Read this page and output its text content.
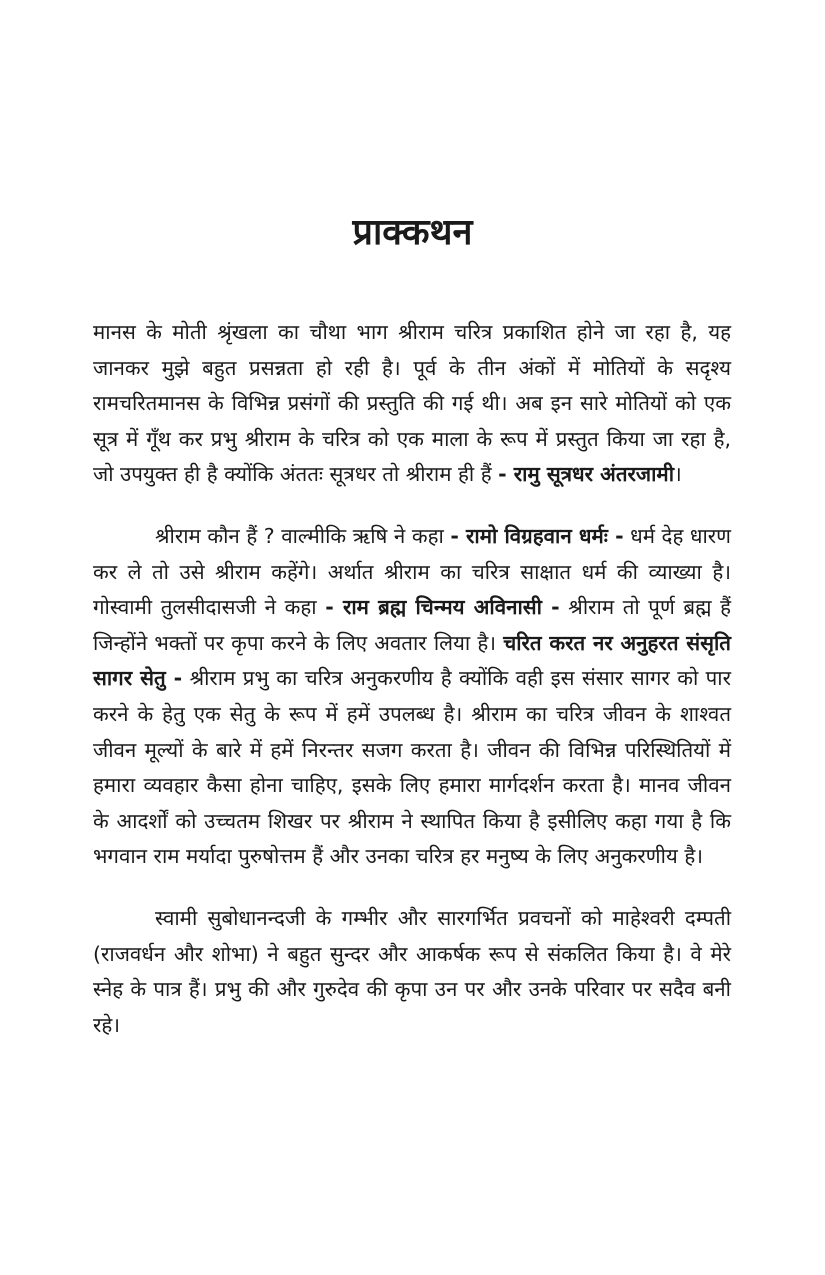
प्राक्कथन

मानस के मोती श्रृंखला का चौथा भाग श्रीराम चरित्र प्रकाशित होने जा रहा है, यह जानकर मुझे बहुत प्रसन्नता हो रही है। पूर्व के तीन अंकों में मोतियों के सदृश्य रामचरितमानस के विभिन्न प्रसंगों की प्रस्तुति की गई थी। अब इन सारे मोतियों को एक सूत्र में गूँथ कर प्रभु श्रीराम के चरित्र को एक माला के रूप में प्रस्तुत किया जा रहा है, जो उपयुक्त ही है क्योंकि अंततः सूत्रधर तो श्रीराम ही हैं - रामु सूत्रधर अंतरजामी।

श्रीराम कौन हैं ? वाल्मीकि ऋषि ने कहा - रामो विग्रहवान धर्मः - धर्म देह धारण कर ले तो उसे श्रीराम कहेंगे। अर्थात श्रीराम का चरित्र साक्षात धर्म की व्याख्या है। गोस्वामी तुलसीदासजी ने कहा - राम ब्रह्म चिन्मय अविनासी - श्रीराम तो पूर्ण ब्रह्म हैं जिन्होंने भक्तों पर कृपा करने के लिए अवतार लिया है। चरित करत नर अनुहरत संसृति सागर सेतु - श्रीराम प्रभु का चरित्र अनुकरणीय है क्योंकि वही इस संसार सागर को पार करने के हेतु एक सेतु के रूप में हमें उपलब्ध है। श्रीराम का चरित्र जीवन के शाश्वत जीवन मूल्यों के बारे में हमें निरन्तर सजग करता है। जीवन की विभिन्न परिस्थितियों में हमारा व्यवहार कैसा होना चाहिए, इसके लिए हमारा मार्गदर्शन करता है। मानव जीवन के आदर्शों को उच्चतम शिखर पर श्रीराम ने स्थापित किया है इसीलिए कहा गया है कि भगवान राम मर्यादा पुरुषोत्तम हैं और उनका चरित्र हर मनुष्य के लिए अनुकरणीय है।

स्वामी सुबोधानन्दजी के गम्भीर और सारगर्भित प्रवचनों को माहेश्वरी दम्पती (राजवर्धन और शोभा) ने बहुत सुन्दर और आकर्षक रूप से संकलित किया है। वे मेरे स्नेह के पात्र हैं। प्रभु की और गुरुदेव की कृपा उन पर और उनके परिवार पर सदैव बनी रहे।
